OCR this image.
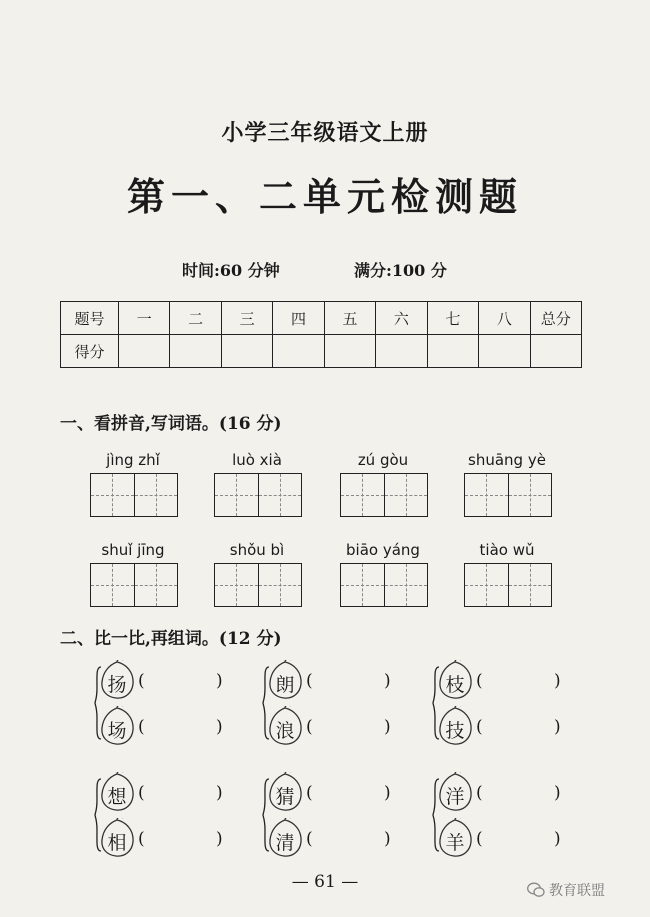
小学三年级语文上册
第一、二单元检测题
时间:60 分钟	满分:100 分
题号	一	二	三	四	五	六	七	八	总分
得分									
一、看拼音,写词语。(16 分)
jìng zhǐ	luò xià	zú gòu	shuāng yè
shuǐ jīng	shǒu bì	biāo yáng	tiào wǔ
二、比一比,再组词。(12 分)
扬 (	)
场 (	)
朗 (	)
浪 (	)
枝 (	)
技 (	)
想 (	)
相 (	)
猜 (	)
清 (	)
洋 (	)
羊 (	)
— 61 —	教育联盟
